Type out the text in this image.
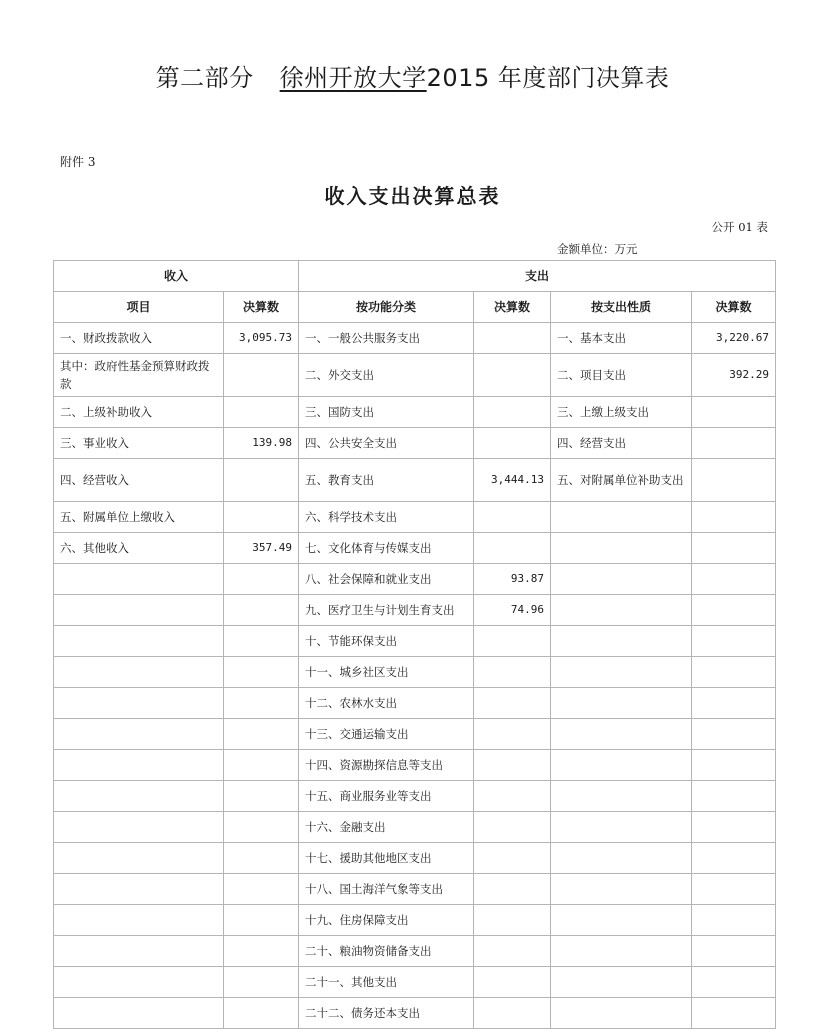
第二部分 徐州开放大学2015 年度部门决算表
附件 3
收入支出决算总表
公开 01 表
金额单位：万元
收入		支出			
项目	决算数	按功能分类	决算数	按支出性质	决算数
一、财政拨款收入	3,095.73	一、一般公共服务支出		一、基本支出	3,220.67
其中：政府性基金预算财政拨款		二、外交支出		二、项目支出	392.29
二、上级补助收入		三、国防支出		三、上缴上级支出	
三、事业收入	139.98	四、公共安全支出		四、经营支出	
四、经营收入		五、教育支出	3,444.13	五、对附属单位补助支出	
五、附属单位上缴收入		六、科学技术支出			
六、其他收入	357.49	七、文化体育与传媒支出			
		八、社会保障和就业支出	93.87		
		九、医疗卫生与计划生育支出	74.96		
		十、节能环保支出			
		十一、城乡社区支出			
		十二、农林水支出			
		十三、交通运输支出			
		十四、资源勘探信息等支出			
		十五、商业服务业等支出			
		十六、金融支出			
		十七、援助其他地区支出			
		十八、国土海洋气象等支出			
		十九、住房保障支出			
		二十、粮油物资储备支出			
		二十一、其他支出			
		二十二、债务还本支出			
